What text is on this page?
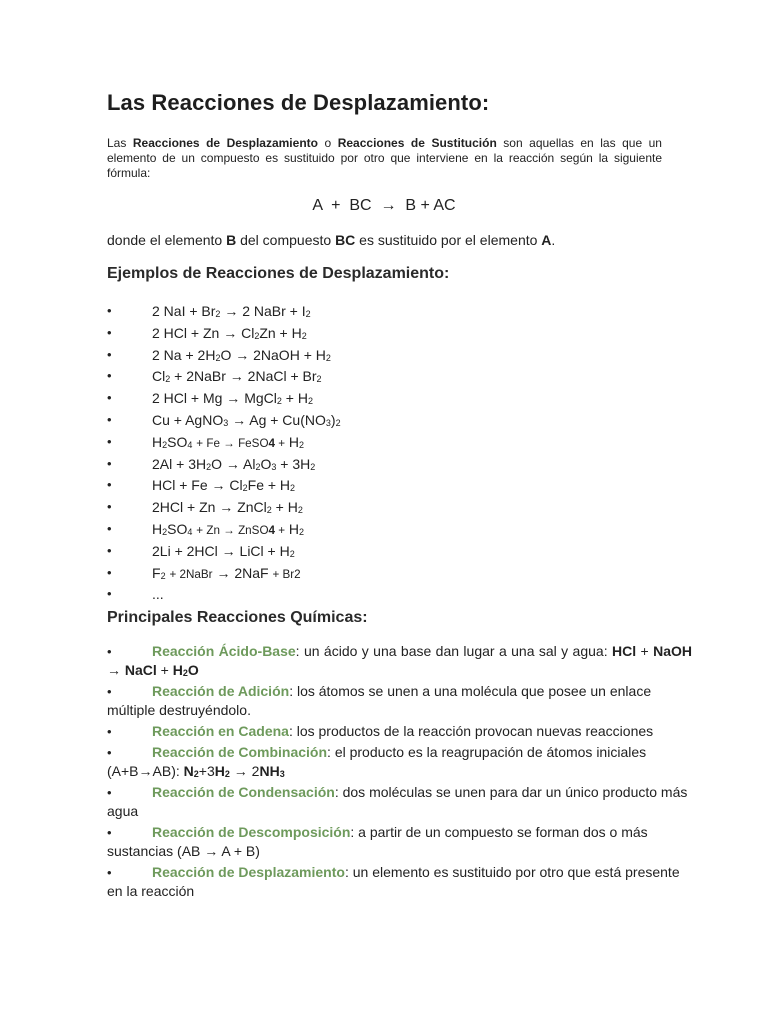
Las Reacciones de Desplazamiento:

Las Reacciones de Desplazamiento o Reacciones de Sustitución son aquellas en las que un elemento de un compuesto es sustituido por otro que interviene en la reacción según la siguiente fórmula:

A  +  BC  →  B + AC

donde el elemento B del compuesto BC es sustituido por el elemento A.

Ejemplos de Reacciones de Desplazamiento:
•	2 NaI + $Br_2 \to 2$ NaBr + $I_2$
•	2 HCl + $Zn \to Cl_2Zn + H_2$
•	2 $Na + 2H_2O$ → 2NaOH + $H_2$
•	$Cl_2$ + 2NaBr → 2NaCl + $Br_2$
•	2 HCl + Mg → MgCl$_2$ + $H_2$
•	Cu + AgNO$_3$ → $Ag + Cu(NO_3)_2$
•	$H_2SO_4 + Fe$ → FeSO4 + $H_2$
•	$2Al + 3H_2O \to Al_2O_3 + 3H_2$
•	HCl + $Fe \to Cl_2Fe + H_2$
•	2HCl + Zn → ZnCl$_2$ + $H_2$
•	$H_2SO_4 + Zn$ → ZnSO4 + $H_2$
•	2Li + 2HCl → LiCl + $H_2$
•	$F_2$ + 2NaBr → 2NaF + Br2
•	...
Principales Reacciones Químicas:
•	Reacción Ácido-Base: un ácido y una base dan lugar a una sal y agua: HCl + NaOH → NaCl + $H_2O$
•	Reacción de Adición: los átomos se unen a una molécula que posee un enlace múltiple destruyéndolo.
•	Reacción en Cadena: los productos de la reacción provocan nuevas reacciones
•	Reacción de Combinación: el producto es la reagrupación de átomos iniciales (A+B→AB): $N_2+3H_2 \to 2NH_3$
•	Reacción de Condensación: dos moléculas se unen para dar un único producto más agua
•	Reacción de Descomposición: a partir de un compuesto se forman dos o más sustancias (AB → A + B)
•	Reacción de Desplazamiento: un elemento es sustituido por otro que está presente en la reacción
